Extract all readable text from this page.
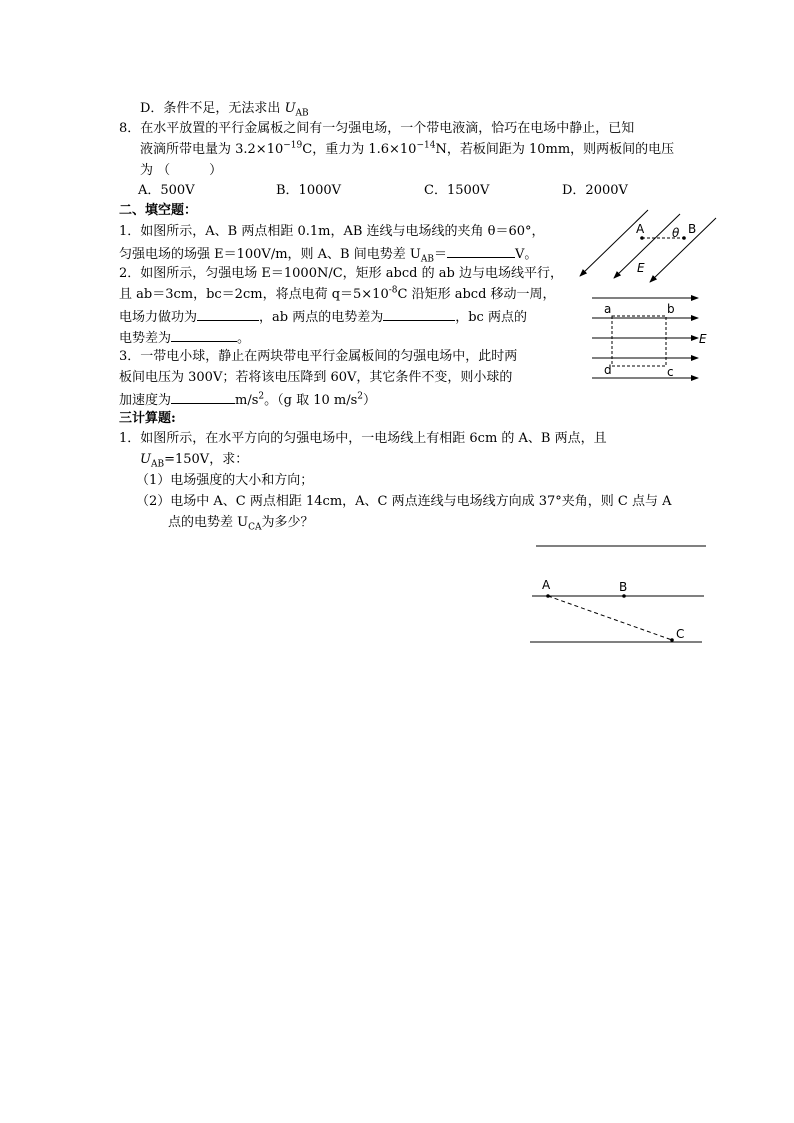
D．条件不足，无法求出 $U_{AB}$
8．在水平放置的平行金属板之间有一匀强电场，一个带电液滴，恰巧在电场中静止，已知
液滴所带电量为 $3.2\times 10^{-19}C$，重力为 $1.6\times 10^{-14}N$，若板间距为 10mm，则两板间的电压
为 （　　　）
A．500V	B．1000V	C．1500V	D．2000V
二、填空题：
1．如图所示，A、B 两点相距 0.1m，AB 连线与电场线的夹角 θ＝60°，
匀强电场的场强 E＝100V/m，则 A、B 间电势差 $U_{AB}=$	V。
2．如图所示，匀强电场 E＝1000N/C，矩形 abcd 的 ab 边与电场线平行，
且 ab＝3cm，bc＝2cm，将点电荷 $q=5\times 10^{-8}C$ 沿矩形 abcd 移动一周，
电场力做功为	，ab 两点的电势差为	，bc 两点的
电势差为	。
3．一带电小球，静止在两块带电平行金属板间的匀强电场中，此时两
板间电压为 300V；若将该电压降到 60V，其它条件不变，则小球的
加速度为	$m/s^2$。（g 取 10 $m/s^2$）
三计算题:
1．如图所示，在水平方向的匀强电场中，一电场线上有相距 6cm 的 A、B 两点，且
$U_{AB}=150V$，求：
（1）电场强度的大小和方向；
（2）电场中 A、C 两点相距 14cm，A、C 两点连线与电场线方向成 37°夹角，则 C 点与 A
点的电势差 $U_{CA}$为多少？
A	B
θ
E
a	b
c
d
E
A	B
C
